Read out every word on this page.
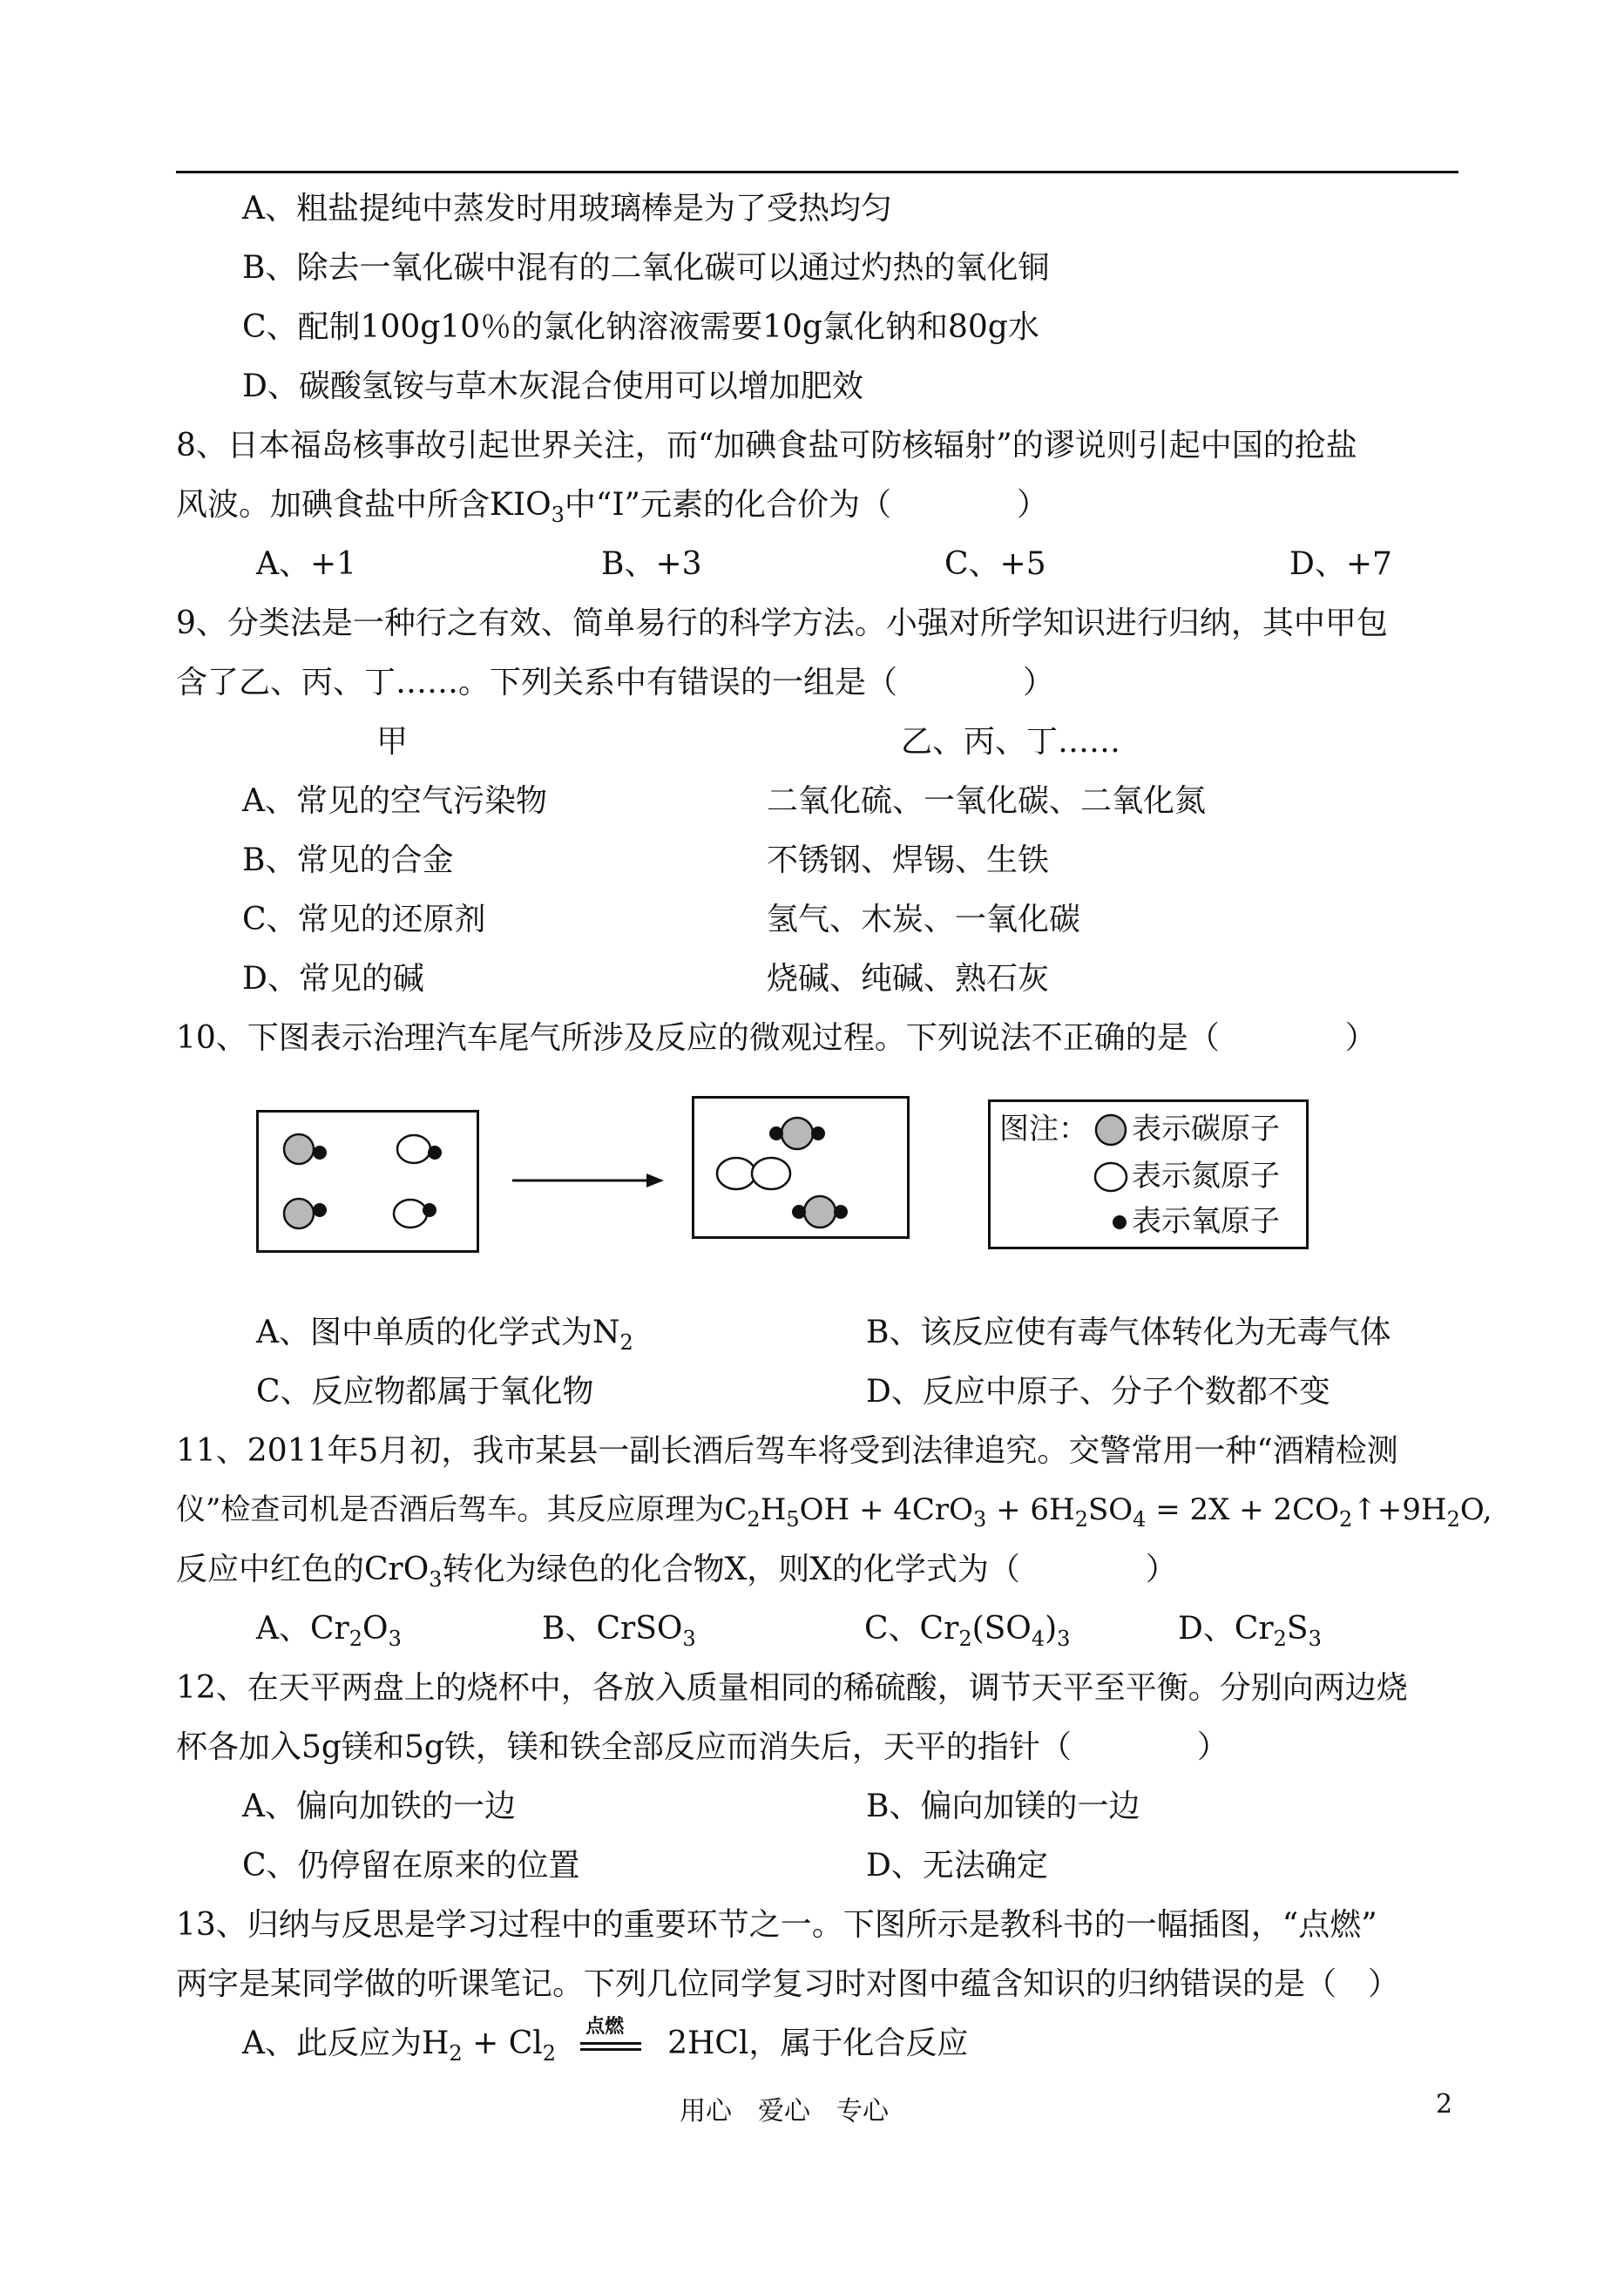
A、粗盐提纯中蒸发时用玻璃棒是为了受热均匀
B、除去一氧化碳中混有的二氧化碳可以通过灼热的氧化铜
C、配制100g10％的氯化钠溶液需要10g氯化钠和80g水
D、碳酸氢铵与草木灰混合使用可以增加肥效
8、日本福岛核事故引起世界关注，而“加碘食盐可防核辐射”的谬说则引起中国的抢盐
风波。加碘食盐中所含$KIO_3$中“I”元素的化合价为（　　　　）
A、+1	B、+3	C、+5	D、+7
9、分类法是一种行之有效、简单易行的科学方法。小强对所学知识进行归纳，其中甲包
含了乙、丙、丁……。下列关系中有错误的一组是（　　　　）
甲	乙、丙、丁……
A、常见的空气污染物	二氧化硫、一氧化碳、二氧化氮
B、常见的合金	不锈钢、焊锡、生铁
C、常见的还原剂	氢气、木炭、一氧化碳
D、常见的碱	烧碱、纯碱、熟石灰
10、下图表示治理汽车尾气所涉及反应的微观过程。下列说法不正确的是（　　　　）
图注： 表示碳原子
表示氮原子
表示氧原子
A、图中单质的化学式为$N_2$	B、该反应使有毒气体转化为无毒气体
C、反应物都属于氧化物	D、反应中原子、分子个数都不变
11、2011年5月初，我市某县一副长酒后驾车将受到法律追究。交警常用一种“酒精检测
仪”检查司机是否酒后驾车。其反应原理为$C_2H_5OH + 4CrO_3 + 6H_2SO_4 = 2X$ + $2CO_2↑+9H_2O$,
反应中红色的CrO$_3$转化为绿色的化合物X，则X的化学式为（　　　　）
A、$Cr_2O_3$	B、CrSO$_3$	C、$Cr_2(SO_4)_3$	D、$Cr_2S_3$
12、在天平两盘上的烧杯中，各放入质量相同的稀硫酸，调节天平至平衡。分别向两边烧
杯各加入5g镁和5g铁，镁和铁全部反应而消失后，天平的指针（　　　　）
A、偏向加铁的一边	B、偏向加镁的一边
C、仍停留在原来的位置	D、无法确定
13、归纳与反思是学习过程中的重要环节之一。下图所示是教科书的一幅插图，“点燃”
两字是某同学做的听课笔记。下列几位同学复习时对图中蕴含知识的归纳错误的是（　）
A、此反应为$H_2 + Cl_2$
点燃 2HCl，属于化合反应
用心　爱心　专心	2
